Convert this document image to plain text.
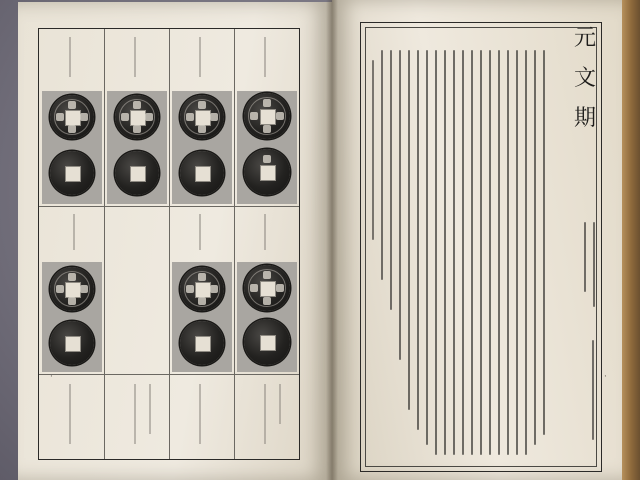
元
文
期
·	·
